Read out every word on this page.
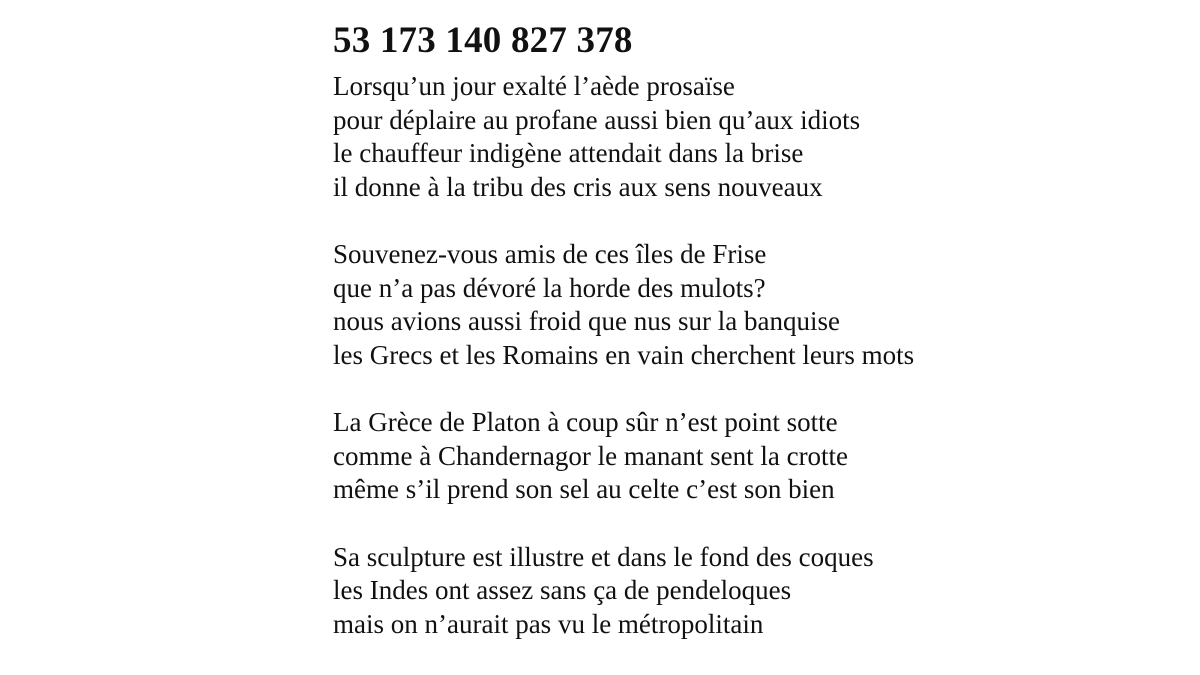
53 173 140 827 378
Lorsqu’un jour exalté l’aède prosaïse
pour déplaire au profane aussi bien qu’aux idiots
le chauffeur indigène attendait dans la brise
il donne à la tribu des cris aux sens nouveaux
Souvenez-vous amis de ces îles de Frise
que n’a pas dévoré la horde des mulots?
nous avions aussi froid que nus sur la banquise
les Grecs et les Romains en vain cherchent leurs mots
La Grèce de Platon à coup sûr n’est point sotte
comme à Chandernagor le manant sent la crotte
même s’il prend son sel au celte c’est son bien
Sa sculpture est illustre et dans le fond des coques
les Indes ont assez sans ça de pendeloques
mais on n’aurait pas vu le métropolitain
